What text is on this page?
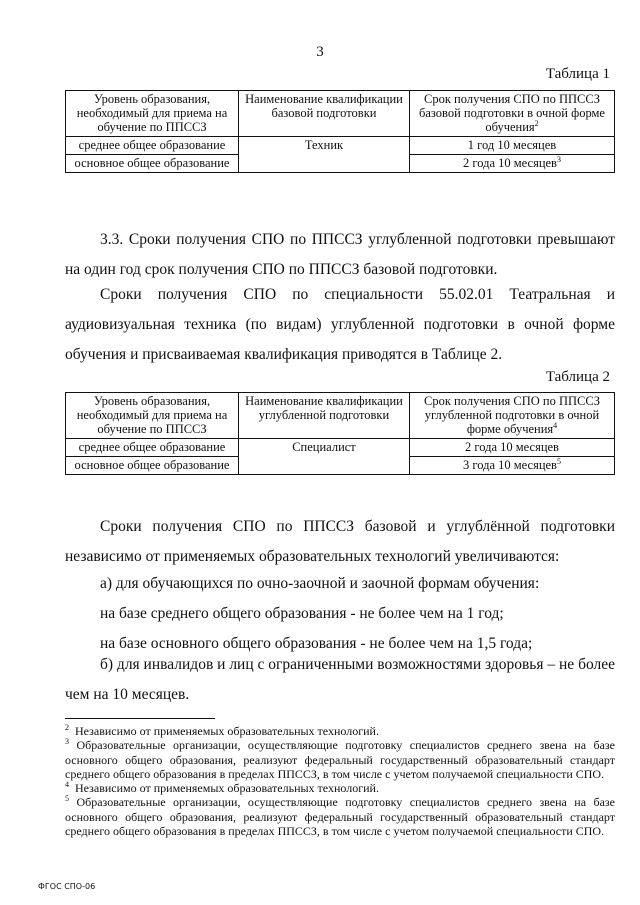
3
Таблица 1
Уровень образования, необходимый для приема на обучение по ППССЗ	Наименование квалификации базовой подготовки	Срок получения СПО по ППССЗ базовой подготовки в очной форме обучения$^2$
среднее общее образование	Техник	1 год 10 месяцев
основное общее образование		2 года 10 месяцев$^3$

3.3. Сроки получения СПО по ППССЗ углубленной подготовки превышают на один год срок получения СПО по ППССЗ базовой подготовки.

Сроки получения СПО по специальности 55.02.01 Театральная и аудиовизуальная техника (по видам) углубленной подготовки в очной форме обучения и присваиваемая квалификация приводятся в Таблице 2.

Таблица 2
Уровень образования, необходимый для приема на обучение по ППССЗ	Наименование квалификации углубленной подготовки	Срок получения СПО по ППССЗ углубленной подготовки в очной форме обучения$^4$
среднее общее образование	Специалист	2 года 10 месяцев
основное общее образование		3 года 10 месяцев$^5$

Сроки получения СПО по ППССЗ базовой и углублённой подготовки независимо от применяемых образовательных технологий увеличиваются:

а) для обучающихся по очно-заочной и заочной формам обучения:
на базе среднего общего образования - не более чем на 1 год;
на базе основного общего образования - не более чем на 1,5 года;

б) для инвалидов и лиц с ограниченными возможностями здоровья – не более чем на 10 месяцев.

$^2$ Независимо от применяемых образовательных технологий.

$^3$ Образовательные организации, осуществляющие подготовку специалистов среднего звена на базе основного общего образования, реализуют федеральный государственный образовательный стандарт среднего общего образования в пределах ППССЗ, в том числе с учетом получаемой специальности СПО.

$^4$ Независимо от применяемых образовательных технологий.

$^5$ Образовательные организации, осуществляющие подготовку специалистов среднего звена на базе основного общего образования, реализуют федеральный государственный образовательный стандарт среднего общего образования в пределах ППССЗ, в том числе с учетом получаемой специальности СПО.

ФГОС СПО-06
